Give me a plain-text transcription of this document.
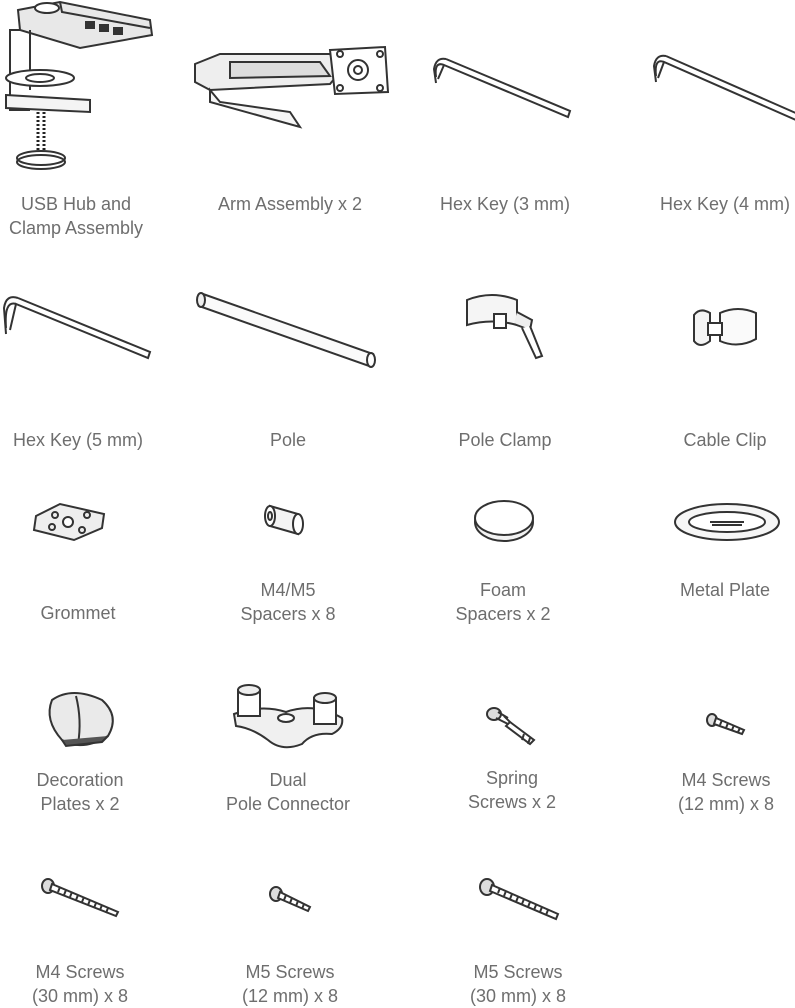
USB Hub and
Clamp Assembly
Arm Assembly x 2	Hex Key (3 mm)	Hex Key (4 mm)
Hex Key (5 mm)	Pole	Pole Clamp	Cable Clip
Grommet
M4/M5
Spacers x 8
Foam
Spacers x 2
Metal Plate
Decoration
Plates x 2
Dual
Pole Connector
Spring
Screws x 2
M4 Screws
(12 mm) x 8
M4 Screws
(30 mm) x 8
M5 Screws
(12 mm) x 8
M5 Screws
(30 mm) x 8
